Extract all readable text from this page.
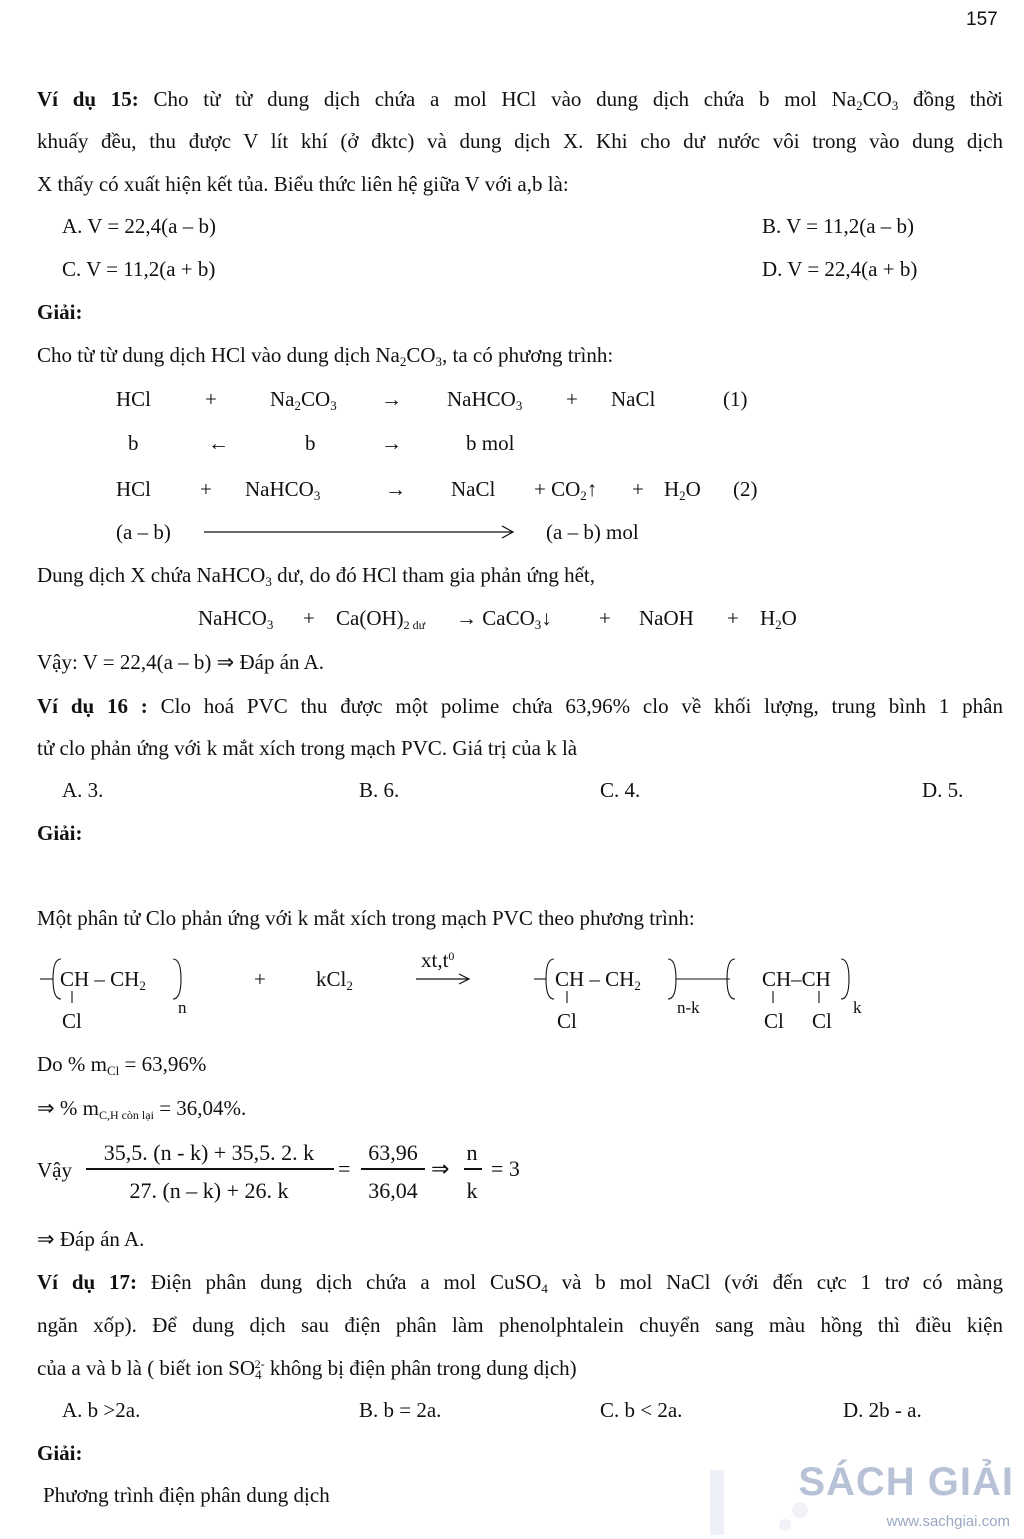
157
Ví dụ 15: Cho từ từ dung dịch chứa a mol HCl vào dung dịch chứa b mol $Na_2CO_3$ đồng thời
khuấy đều, thu được V lít khí (ở đktc) và dung dịch X. Khi cho dư nước vôi trong vào dung dịch
X thấy có xuất hiện kết tủa. Biểu thức liên hệ giữa V với a,b là:
A. V = 22,4(a – b)	B. V = 11,2(a – b)
C. V = 11,2(a + b)	D. V = 22,4(a + b)
Giải:
Cho từ từ dung dịch HCl vào dung dịch $Na_2CO_3$, ta có phương trình:
HCl	+	$Na_2CO_3$ → NaHCO$_3$ + NaCl	(1)
b	←	b	→	b mol
HCl + NaHCO$_3$	→ NaCl + $CO_2↑ + H_2O$ (2)
(a – b)	(a – b) mol
Dung dịch X chứa NaHCO$_3$ dư, do đó HCl tham gia phản ứng hết,
NaHCO$_3$ + $Ca(OH)_{2 dư}$ → CaCO$_3$↓ + NaOH + $H_2O$
Vậy: V = 22,4(a – b) ⇒ Đáp án A.
Ví dụ 16 : Clo hoá PVC thu được một polime chứa 63,96% clo về khối lượng, trung bình 1 phân
tử clo phản ứng với k mắt xích trong mạch PVC. Giá trị của k là
A. 3.	B. 6.	C. 4.	D. 5.
Giải:
Một phân tử Clo phản ứng với k mắt xích trong mạch PVC theo phương trình:
CH – $CH_2$
Cl
n
+ kCl$_2$
$xt,t^0$
CH – $CH_2$
Cl
n-k
CH–CH
Cl Cl
k
Do % $m_{Cl} = 63,96\%$
⇒ % $m_{C,H còn lại} = 36,04\%$.
Vậy
35,5. (n - k) + 35,5. 2. k
27. (n – k) + 26. k
=
63,96
36,04
⇒
n
k
= 3
⇒ Đáp án A.
Ví dụ 17: Điện phân dung dịch chứa a mol CuSO$_4$ và b mol NaCl (với đến cực 1 trơ có màng
ngăn xốp). Để dung dịch sau điện phân làm phenolphtalein chuyển sang màu hồng thì điều kiện
của a và b là ( biết ion $SO_4^{2-}$ không bị điện phân trong dung dịch)
A. b >2a.	B. b = 2a.	C. b < 2a.	D. 2b - a.
Giải:
Phương trình điện phân dung dịch	SÁCH GIẢI
www.sachgiai.com
